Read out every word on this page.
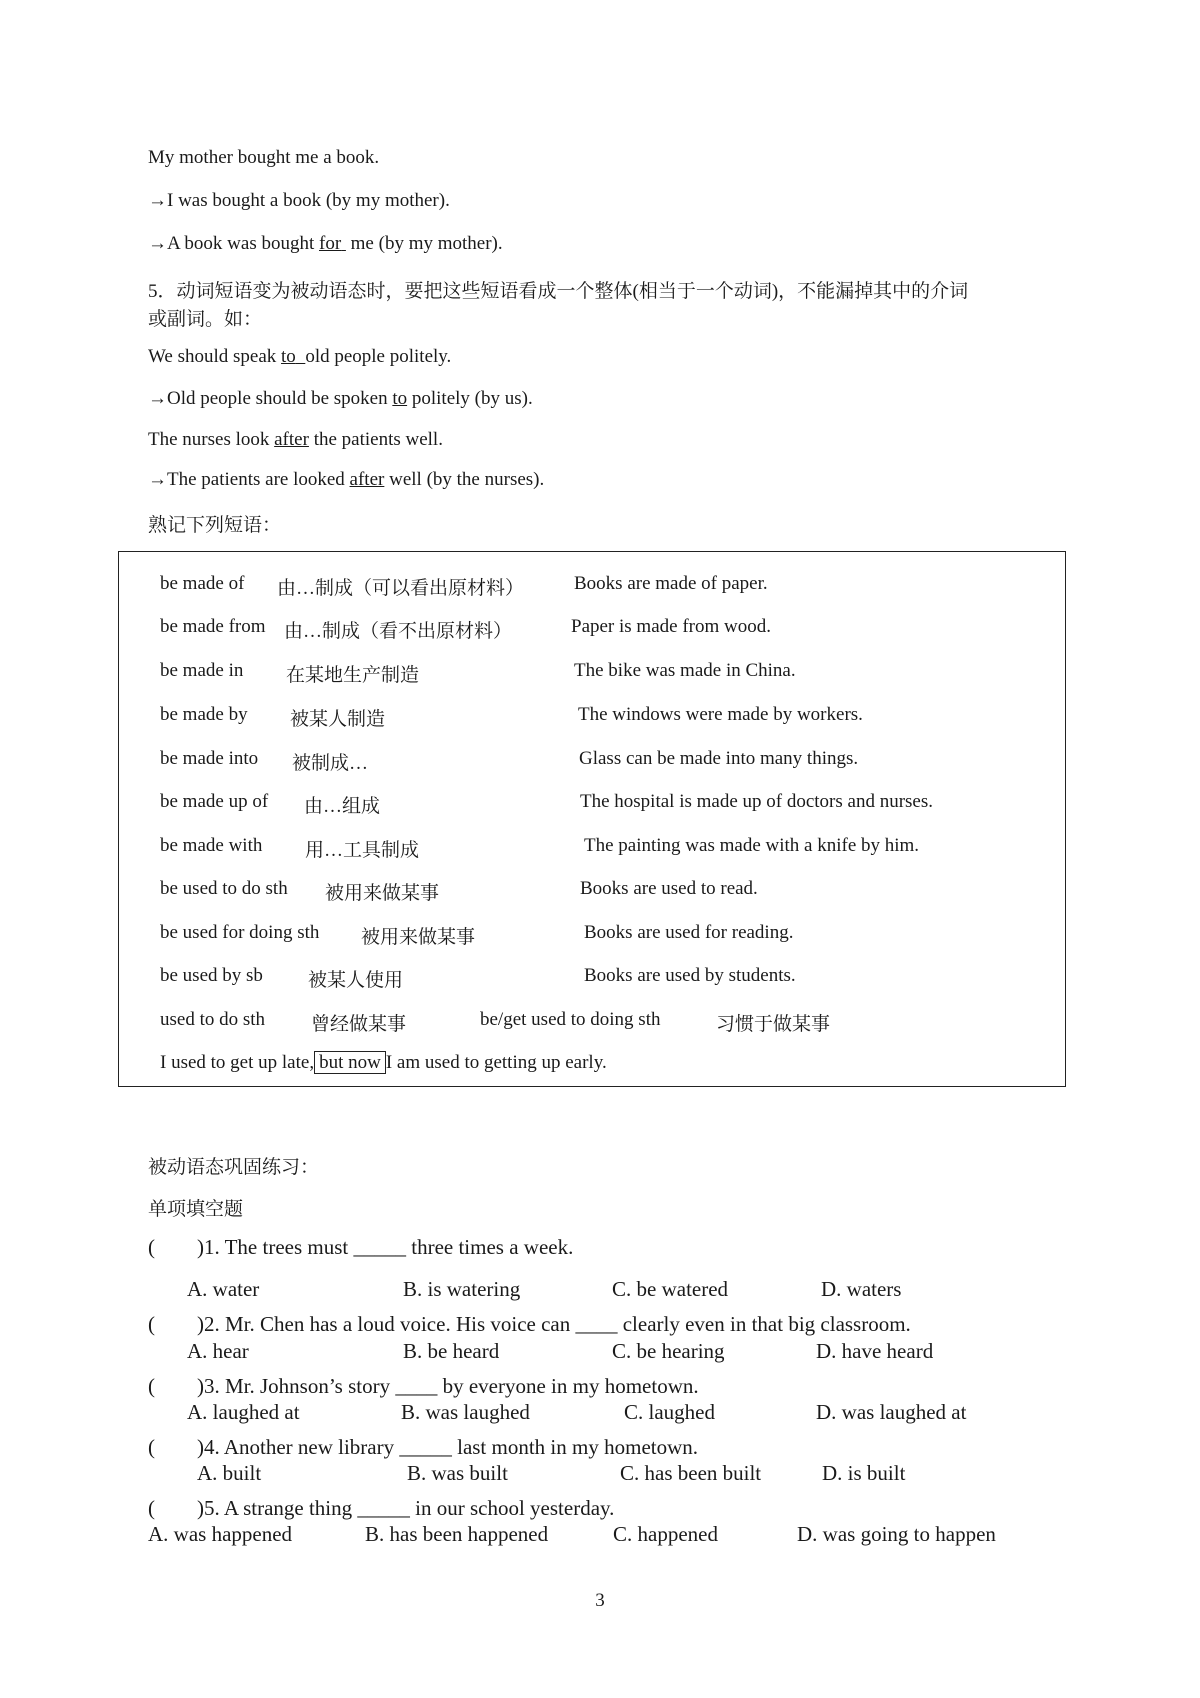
My mother bought me a book.
→I was bought a book (by my mother).
→A book was bought for  me (by my mother).
5．动词短语变为被动语态时，要把这些短语看成一个整体(相当于一个动词)，不能漏掉其中的介词
或副词。如：
We should speak to old people politely.
→Old people should be spoken to politely (by us).
The nurses look after the patients well.
→The patients are looked after well (by the nurses).
熟记下列短语：
be made of 由…制成（可以看出原材料）	Books are made of paper.
be made from 由…制成（看不出原材料）	Paper is made from wood.
be made in 在某地生产制造	The bike was made in China.
be made by 被某人制造	The windows were made by workers.
be made into 被制成…	Glass can be made into many things.
be made up of 由…组成	The hospital is made up of doctors and nurses.
be made with 用…工具制成	The painting was made with a knife by him.
be used to do sth 被用来做某事	Books are used to read.
be used for doing sth 被用来做某事	Books are used for reading.
be used by sb 被某人使用	Books are used by students.
used to do sth 曾经做某事	be/get used to doing sth	习惯于做某事
I used to get up late, but now I am used to getting up early.
被动语态巩固练习：
单项填空题
(　　)1. The trees must _____ three times a week.
A. water	B. is watering	C. be watered	D. waters
(　　)2. Mr. Chen has a loud voice. His voice can ____ clearly even in that big classroom.
A. hear	B. be heard	C. be hearing	D. have heard
(　　)3. Mr. Johnson’s story ____ by everyone in my hometown.
A. laughed at	B. was laughed	C. laughed	D. was laughed at
(　　)4. Another new library _____ last month in my hometown.
A. built	B. was built	C. has been built	D. is built
(　　)5. A strange thing _____ in our school yesterday.
A. was happened	B. has been happened	C. happened	D. was going to happen
3
